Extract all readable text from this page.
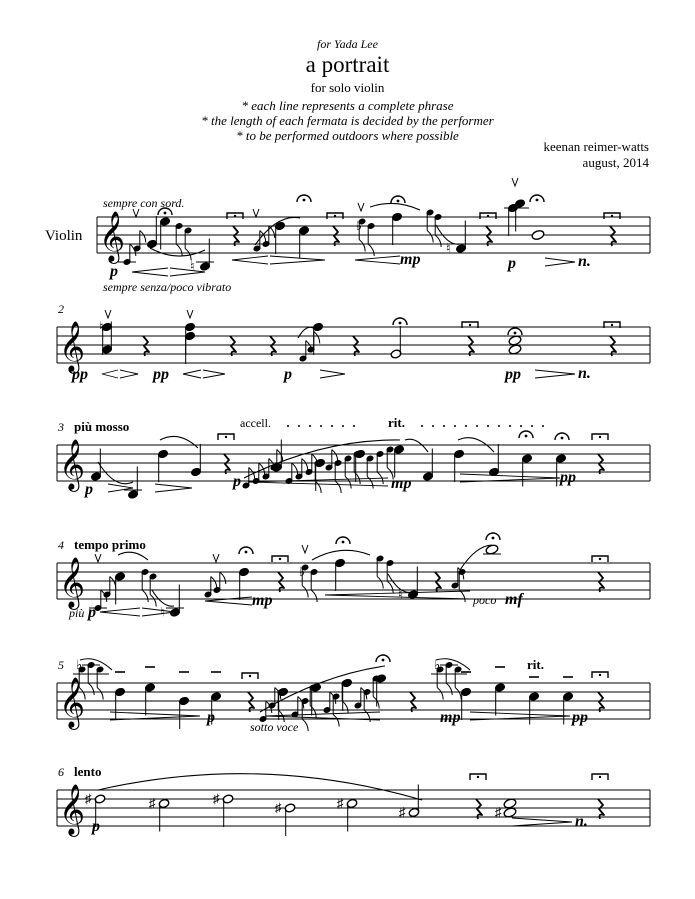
for Yada Lee
a portrait
for solo violin
* each line represents a complete phrase
* the length of each fermata is decided by the performer
* to be performed outdoors where possible
keenan reimer-watts
august, 2014
Violin 𝄞
𝄞
𝄞
𝄞
𝄞
𝄞
2
3 più mosso
4 tempo primo
5
6 lento
sempre con sord.
♮
♭
♮
p
mp	p	n.
sempre senza/poco vibrato
♮
pp	pp	p	pp	n.
accell.	rit.
p	p	mp	pp
♮
♭
♮
più p
mp	poco mf
♭	♭	rit.
p
sotto voce
mp	pp
♯	♯	♯
♯	♯
♯	♯
p	n.
